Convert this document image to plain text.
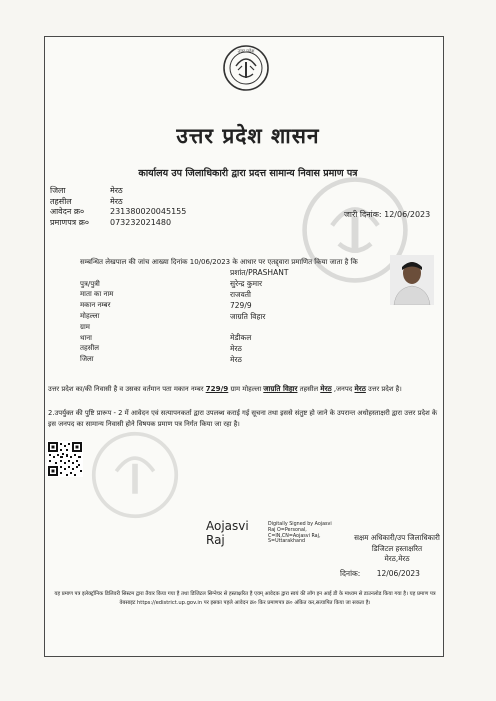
उत्तर प्रदेश
उत्तर प्रदेश शासन
कार्यालय उप जिलाधिकारी द्वारा प्रदत्त सामान्य निवास प्रमाण पत्र
जिला	मेरठ
तहसील	मेरठ
आवेदन क्र०	231380020045155
प्रमाणपत्र क्र०	073232021480
जारी दिनांक: 12/06/2023
सम्बन्धित लेखपाल की जांच आख्या दिनांक 10/06/2023 के आधार पर एतद्द्वारा प्रमाणित किया जाता है कि
प्रशांत/PRASHANT
पुत्र/पुत्री	सुरेन्द्र कुमार
माता का नाम	राजवती
मकान नम्बर	729/9
मोहल्ला	जाग्रति विहार
ग्राम
थाना	मेडीकल
तहसील	मेरठ
जिला	मेरठ
उत्तर प्रदेश का/की निवासी है व उसका वर्तमान पता मकान नम्बर 729/9 ग्राम मोहल्ला जाग्रति विहार तहसील मेरठ ,जनपद मेरठ उत्तर प्रदेश है।
2.उपर्युक्त की पुष्टि प्रारूप - 2 में आवेदन एवं सत्यापनकर्ता द्वारा उपलब्ध कराई गई सूचना तथा इससे संतुष्ट हो जाने के उपरान्त अधोहस्ताक्षरी द्वारा उत्तर प्रदेश के इस जनपद का सामान्य निवासी होने विषयक प्रमाण पत्र निर्गत किया जा रहा है।
Aojasvi
Raj
Digitally Signed by Aojasvi
Raj O=Personal,
C=IN,CN=Aojasvi Raj,
S=Uttarakhand	सक्षम अधिकारी/उप जिलाधिकारी
डिजिटल हस्ताक्षरित
मेरठ,मेरठ
दिनांक: 12/06/2023
यह प्रमाण पत्र इलेक्ट्रॉनिक डिलिवरी सिस्टम द्वारा तैयार किया गया है तथा डिजिटल सिग्नेचर से हस्ताक्षरित है एवम् आवेदक द्वारा स्वयं की लॉग इन आई डी के माध्यम से डाउनलोड किया गया है। यह प्रमाण पत्र वेबसाइट https://edistrict.up.gov.in पर इसका पहले आवेदन क्र० किर प्रमाणपत्र क्र० अंकित कर,सत्यापित किया जा सकता है।
